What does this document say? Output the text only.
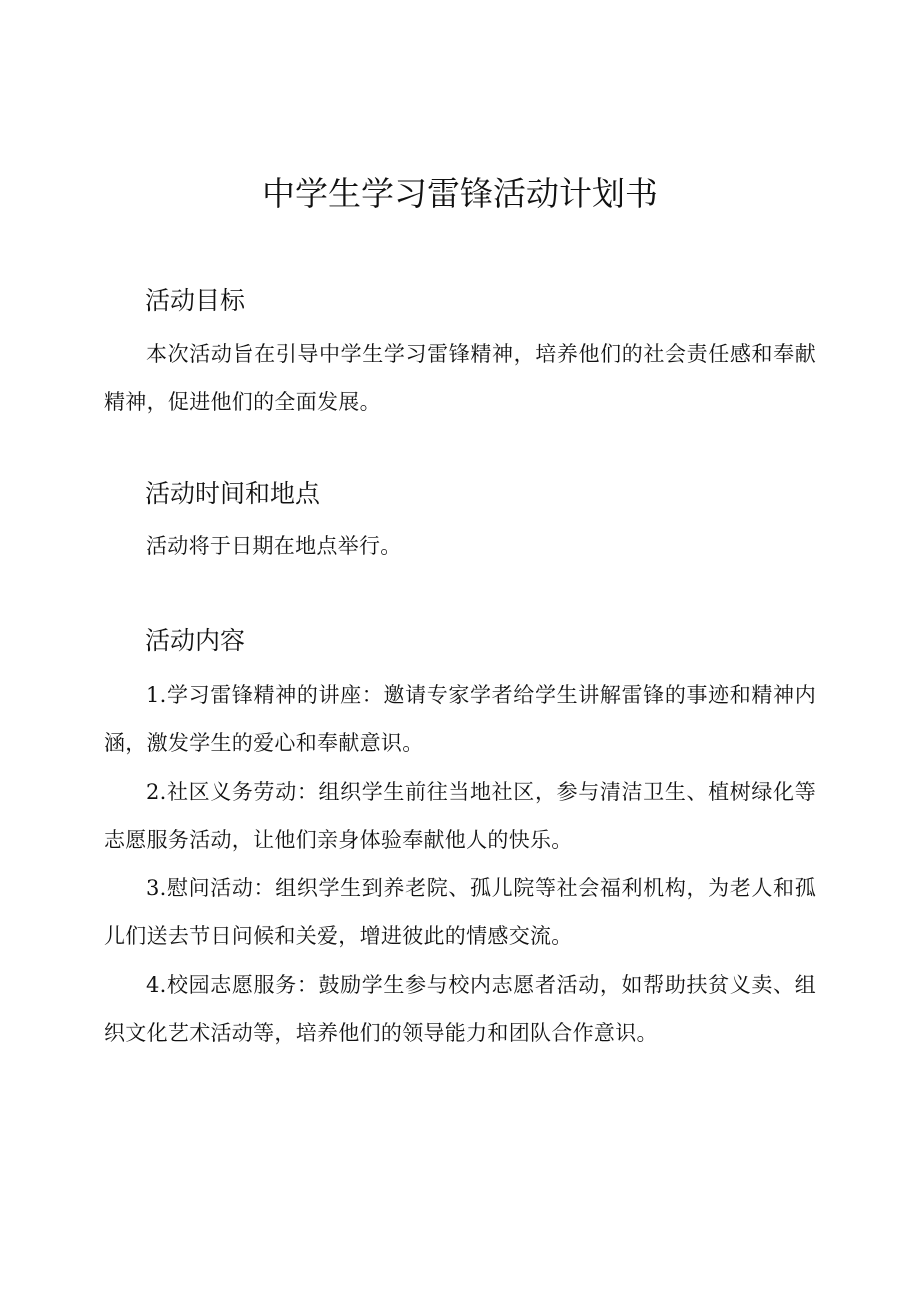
中学生学习雷锋活动计划书
活动目标

本次活动旨在引导中学生学习雷锋精神，培养他们的社会责任感和奉献精神，促进他们的全面发展。

活动时间和地点

活动将于日期在地点举行。

活动内容

1.学习雷锋精神的讲座：邀请专家学者给学生讲解雷锋的事迹和精神内涵，激发学生的爱心和奉献意识。

2.社区义务劳动：组织学生前往当地社区，参与清洁卫生、植树绿化等志愿服务活动，让他们亲身体验奉献他人的快乐。

3.慰问活动：组织学生到养老院、孤儿院等社会福利机构，为老人和孤儿们送去节日问候和关爱，增进彼此的情感交流。

4.校园志愿服务：鼓励学生参与校内志愿者活动，如帮助扶贫义卖、组织文化艺术活动等，培养他们的领导能力和团队合作意识。
